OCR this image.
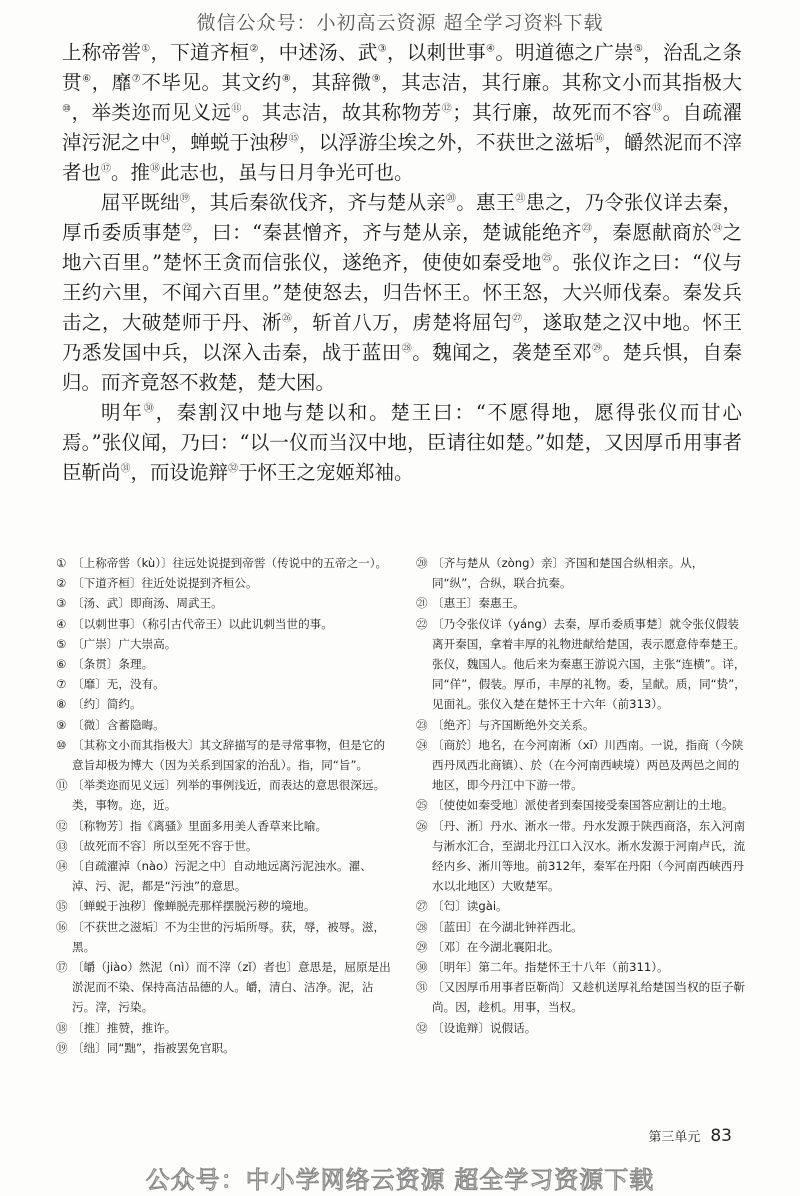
微信公众号：小初高云资源 超全学习资料下载

上称帝喾①，下道齐桓②，中述汤、武③，以刺世事④。明道德之广崇⑤，治乱之条贯⑥，靡⑦不毕见。其文约⑧，其辞微⑨，其志洁，其行廉。其称文小而其指极大⑩，举类迩而见义远⑪。其志洁，故其称物芳⑫；其行廉，故死而不容⑬。自疏濯淖污泥之中⑭，蝉蜕于浊秽⑮，以浮游尘埃之外，不获世之滋垢⑯，皭然泥而不滓者也⑰。推⑱此志也，虽与日月争光可也。

屈平既绌⑲，其后秦欲伐齐，齐与楚从亲⑳。惠王$^㉑$患之，乃令张仪详去秦，厚币委质事楚$^㉒$，曰：“秦甚憎齐，齐与楚从亲，楚诚能绝齐$^㉓$，秦愿献商於$^㉔$之地六百里。”楚怀王贪而信张仪，遂绝齐，使使如秦受地$^㉕$。张仪诈之曰：“仪与王约六里，不闻六百里。”楚使怒去，归告怀王。怀王怒，大兴师伐秦。秦发兵击之，大破楚师于丹、淅$^㉖$，斩首八万，虏楚将屈匄$^㉗$，遂取楚之汉中地。怀王乃悉发国中兵，以深入击秦，战于蓝田$^㉘$。魏闻之，袭楚至邓$^㉙$。楚兵惧，自秦归。而齐竟怒不救楚，楚大困。

明年$^㉚$，秦割汉中地与楚以和。楚王曰：“不愿得地，愿得张仪而甘心焉。”张仪闻，乃曰：“以一仪而当汉中地，臣请往如楚。”如楚，又因厚币用事者臣靳尚$^㉛$，而设诡辩$^㉜$于怀王之宠姬郑袖。

① 〔上称帝喾（kù）〕往远处说提到帝喾（传说中的五帝之一）。
② 〔下道齐桓〕往近处说提到齐桓公。
③ 〔汤、武〕即商汤、周武王。
④ 〔以刺世事〕（称引古代帝王）以此讥刺当世的事。
⑤ 〔广崇〕广大崇高。
⑥ 〔条贯〕条理。
⑦ 〔靡〕无，没有。
⑧ 〔约〕简约。
⑨ 〔微〕含蓄隐晦。
⑩ 〔其称文小而其指极大〕其文辞描写的是寻常事物，但是它的意旨却极为博大（因为关系到国家的治乱）。指，同“旨”。
⑪ 〔举类迩而见义远〕列举的事例浅近，而表达的意思很深远。类，事物。迩，近。
⑫ 〔称物芳〕指《离骚》里面多用美人香草来比喻。
⑬ 〔故死而不容〕所以至死不容于世。
⑭ 〔自疏濯淖（nào）污泥之中〕自动地远离污泥浊水。濯、淖、污、泥，都是“污浊”的意思。
⑮ 〔蝉蜕于浊秽〕像蝉脱壳那样摆脱污秽的境地。
⑯ 〔不获世之滋垢〕不为尘世的污垢所辱。获，辱，被辱。滋，黑。
⑰ 〔皭（jiào）然泥（nì）而不滓（zǐ）者也〕意思是，屈原是出淤泥而不染、保持高洁品德的人。皭，清白、洁净。泥，沾污。滓，污染。
⑱ 〔推〕推赞，推许。
⑲ 〔绌〕同“黜”，指被罢免官职。
⑳ 〔齐与楚从（zòng）亲〕齐国和楚国合纵相亲。从，同“纵”，合纵，联合抗秦。
㉑ 〔惠王〕秦惠王。
㉒ 〔乃令张仪详（yáng）去秦，厚币委质事楚〕就令张仪假装离开秦国，拿着丰厚的礼物进献给楚国，表示愿意侍奉楚王。张仪，魏国人。他后来为秦惠王游说六国，主张“连横”。详，同“佯”，假装。厚币，丰厚的礼物。委，呈献。质，同“贽”，见面礼。张仪入楚在楚怀王十六年（前313）。
㉓ 〔绝齐〕与齐国断绝外交关系。
㉔ 〔商於〕地名，在今河南淅（xī）川西南。一说，指商（今陕西丹凤西北商镇）、於（在今河南西峡境）两邑及两邑之间的地区，即今丹江中下游一带。
㉕ 〔使使如秦受地〕派使者到秦国接受秦国答应割让的土地。
㉖ 〔丹、淅〕丹水、淅水一带。丹水发源于陕西商洛，东入河南与淅水汇合，至湖北丹江口入汉水。淅水发源于河南卢氏，流经内乡、淅川等地。前312年，秦军在丹阳（今河南西峡西丹水以北地区）大败楚军。
㉗ 〔匄〕读gài。
㉘ 〔蓝田〕在今湖北钟祥西北。
㉙ 〔邓〕在今湖北襄阳北。
㉚ 〔明年〕第二年。指楚怀王十八年（前311）。
㉛ 〔又因厚币用事者臣靳尚〕又趁机送厚礼给楚国当权的臣子靳尚。因，趁机。用事，当权。
㉜ 〔设诡辩〕说假话。
第三单元 83
公众号：中小学网络云资源 超全学习资源下载
